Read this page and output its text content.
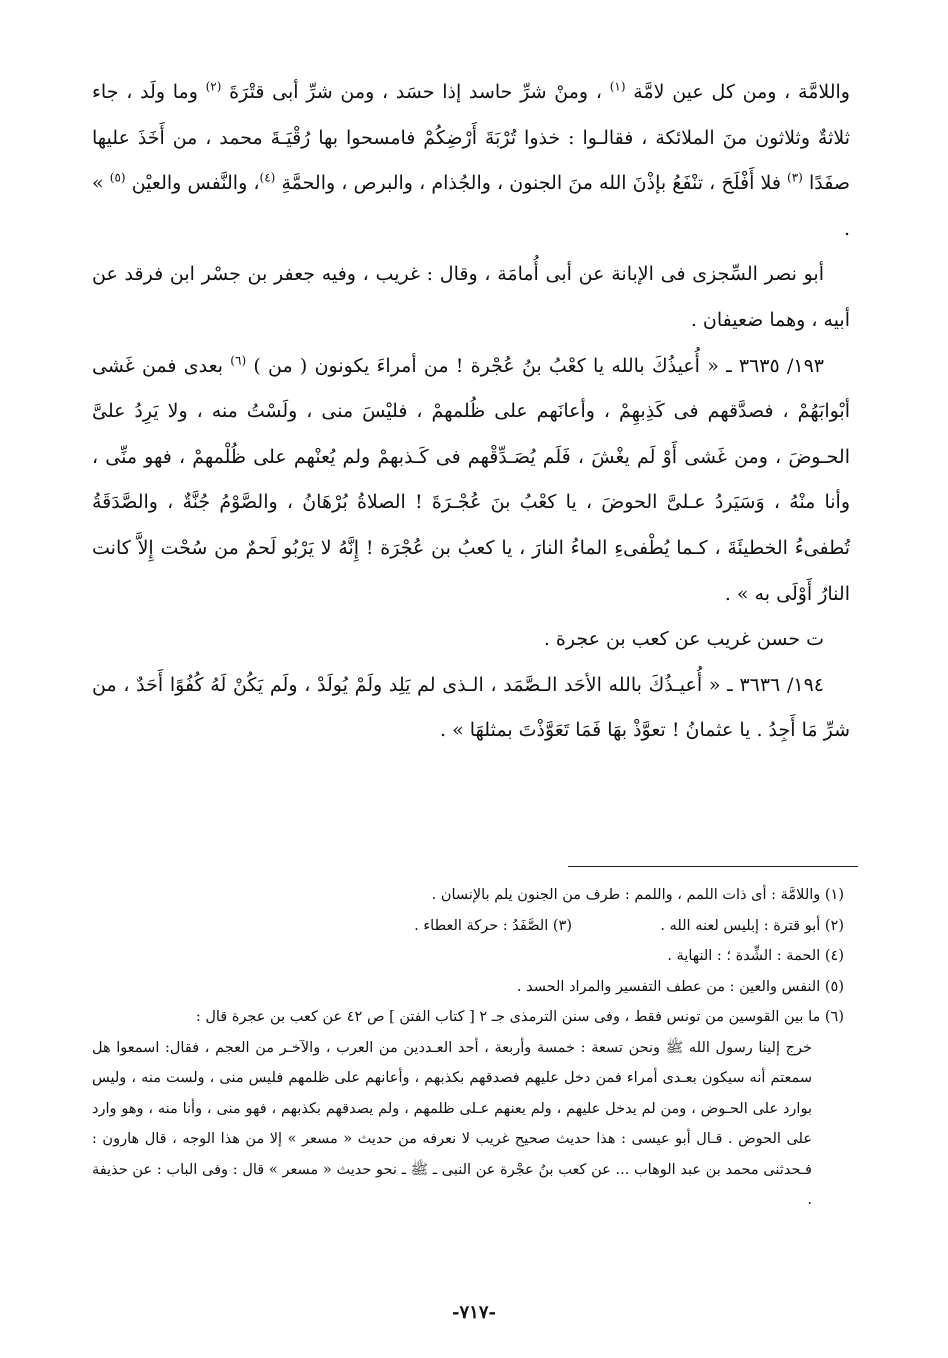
واللامَّة ، ومن كل عين لامَّة $^{(١)}$ ، ومنْ شرِّ حاسد إذا حسَد ، ومن شرِّ أبى قتْرَةَ $^{(٢)}$ وما ولَد ، جاء ثلاثةٌ وثلاثون منَ الملائكة ، فقالـوا : خذوا تُرْبَةَ أَرْضِكُمْ فامسحوا بها رُقْيَـةَ محمد ، من أَخَذَ عليها صفَدًا $^{(٣)}$ فلا أَفْلَحَ ، تنْفَعُ بإذْنَ الله منَ الجنون ، والجُذام ، والبرص ، والحمَّةِ $^{(٤)}$، والنَّفس والعيْن $^{(٥)}$ » .

أبو نصر السِّجزى فى الإبانة عن أبى أُمامَة ، وقال : غريب ، وفيه جعفر بن جسْر ابن فرقد عن أبيه ، وهما ضعيفان .

١٩٣/ ٣٦٣٥ ـ « أُعيذُكَ بالله يا كعْبُ بنُ عُجْرة ! من أمراءَ يكونون ( من ) $^{(٦)}$ بعدى فمن غَشى أبْوابَهُمْ ، فصدَّقهم فى كَذِبهِمْ ، وأعانَهم على ظُلمهمْ ، فليْسَ منى ، ولَسْتُ منه ، ولا يَرِدُ علىَّ الحـوضَ ، ومن غَشى أَوْ لَم يغْشَ ، فَلَم يُصَـدِّقْهم فى كَـذبهمْ ولم يُعنْهم على ظُلْمهمْ ، فهو منِّى ، وأنا منْهُ ، وَسَيَردُ عـلىَّ الحوضَ ، يا كعْبُ بنَ عُجْـرَةَ ! الصلاةُ بُرْهَانُ ، والصَّوْمُ جُنَّةٌ ، والصَّدَقَةُ تُطفىءُ الخطيئَةَ ، كـما يُطْفىءِ الماءُ النارَ ، يا كعبُ بن عُجْرَة ! إِنَّهُ لا يَرْبُو لَحمٌ من سُحْت إِلاَّ كانت النارُ أَوْلَى به » .

ت حسن غريب عن كعب بن عجرة .

١٩٤/ ٣٦٣٦ ـ « أُعيـذُكَ بالله الأحَد الـصَّمَد ، الـذى لم يَلِد ولَمْ يُولَدْ ، ولَم يَكُنْ لَهُ كُفُوًا أَحَدٌ ، من شرِّ مَا أَجِدُ . يا عثمانُ ! تعوَّذْ بهَا فَمَا تَعَوَّذْتَ بمثلهَا » .

(١) واللامَّة : أى ذات اللمم ، واللمم : طرف من الجنون يلم بالإنسان .

(٢) أبو قترة : إبليس لعنه الله .
(٣) الصَّفَدُ : حركة العطاء .

(٤) الحمة : الشِّدة ؛ : النهاية .

(٥) النفس والعين : من عطف التفسير والمراد الحسد .

(٦) ما بين القوسين من تونس فقط ، وفى سنن الترمذى جـ ٢ [ كتاب الفتن ] ص ٤٢ عن كعب بن عجرة قال :

خرج إلينا رسول الله ﷺ ونحن تسعة : خمسة وأربعة ، أحد العـددين من العرب ، والآخـر من العجم ، فقال: اسمعوا هل سمعتم أنه سيكون بعـدى أمراء فمن دخل عليهم فصدقهم بكذبهم ، وأعانهم على ظلمهم فليس منى ، ولست منه ، وليس بوارد على الحـوض ، ومن لم يدخل عليهم ، ولم يعنهم عـلى ظلمهم ، ولم يصدقهم بكذبهم ، فهو منى ، وأنا منه ، وهو وارد على الحوض . قـال أبو عيسى : هذا حديث صحيح غريب لا نعرفه من حديث « مسعر » إلا من هذا الوجه ، قال هارون : فـحدثنى محمد بن عبد الوهاب ... عن كعب بنُ عجْرة عن النبى ـ ﷺ ـ نحو حديث « مسعر » قال : وفى الباب : عن حذيفة .

-٧١٧-
